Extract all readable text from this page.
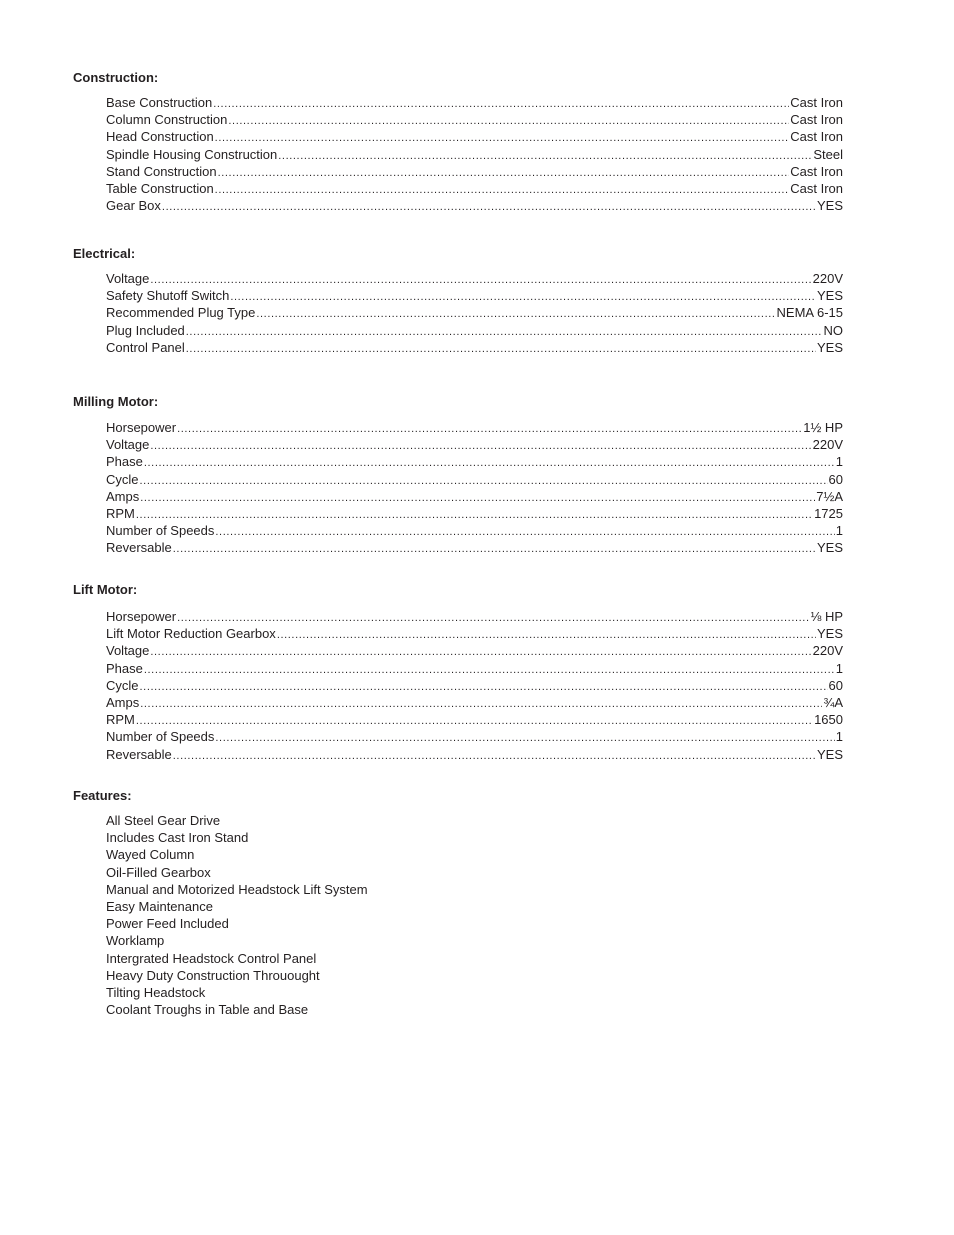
Construction:
Base Construction .....	Cast Iron
Column Construction .....	Cast Iron
Head Construction .....	Cast Iron
Spindle Housing Construction .....	Steel
Stand Construction .....	Cast Iron
Table Construction .....	Cast Iron
Gear Box .....	YES
Electrical:
Voltage .....	220V
Safety Shutoff Switch .....	YES
Recommended Plug Type .....	NEMA 6-15
Plug Included .....	NO
Control Panel .....	YES
Milling Motor:
Horsepower .....	1½ HP
Voltage .....	220V
Phase .....	1
Cycle .....	60
Amps .....	7½A
RPM .....	1725
Number of Speeds .....	1
Reversable .....	YES
Lift Motor:
Horsepower .....	⅛ HP
Lift Motor Reduction Gearbox .....	YES
Voltage .....	220V
Phase .....	1
Cycle .....	60
Amps .....	¾A
RPM .....	1650
Number of Speeds .....	1
Reversable .....	YES
Features:
All Steel Gear Drive
Includes Cast Iron Stand
Wayed Column
Oil-Filled Gearbox
Manual and Motorized Headstock Lift System
Easy Maintenance
Power Feed Included
Worklamp
Intergrated Headstock Control Panel
Heavy Duty Construction Throuought
Tilting Headstock
Coolant Troughs in Table and Base
